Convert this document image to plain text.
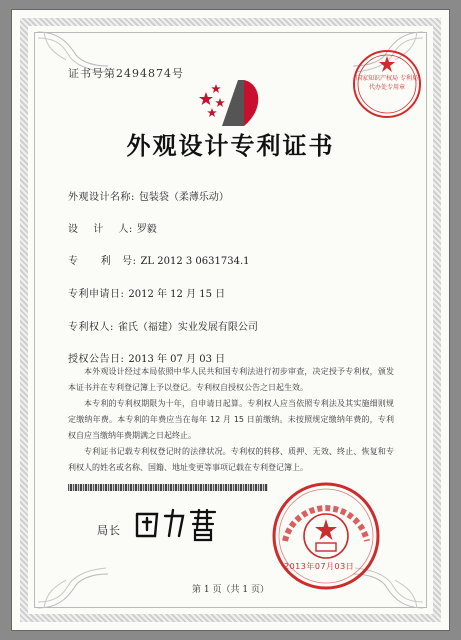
证书号第2494874号	国家知识产权局 专利局 代办处专用章
外观设计专利证书
外观设计名称: 包装袋（柔薄乐动）
设    计    人: 罗毅
专      利   号: ZL 2012 3 0631734.1
专利申请日: 2012 年 12 月 15 日
专利权人: 雀氏（福建）实业发展有限公司
授权公告日: 2013 年 07 月 03 日

本外观设计经过本局依照中华人民共和国专利法进行初步审查，决定授予专利权，颁发本证书并在专利登记簿上予以登记。专利权自授权公告之日起生效。

本专利的专利权期限为十年，自申请日起算。专利权人应当依照专利法及其实施细则规定缴纳年费。本专利的年费应当在每年 12 月 15 日前缴纳。未按照规定缴纳年费的，专利权自应当缴纳年费期满之日起终止。

专利证书记载专利权登记时的法律状况。专利权的转移、质押、无效、终止、恢复和专利权人的姓名或名称、国籍、地址变更等事项记载在专利登记簿上。

局长
2013年07月03日
第 1 页（共 1 页）
